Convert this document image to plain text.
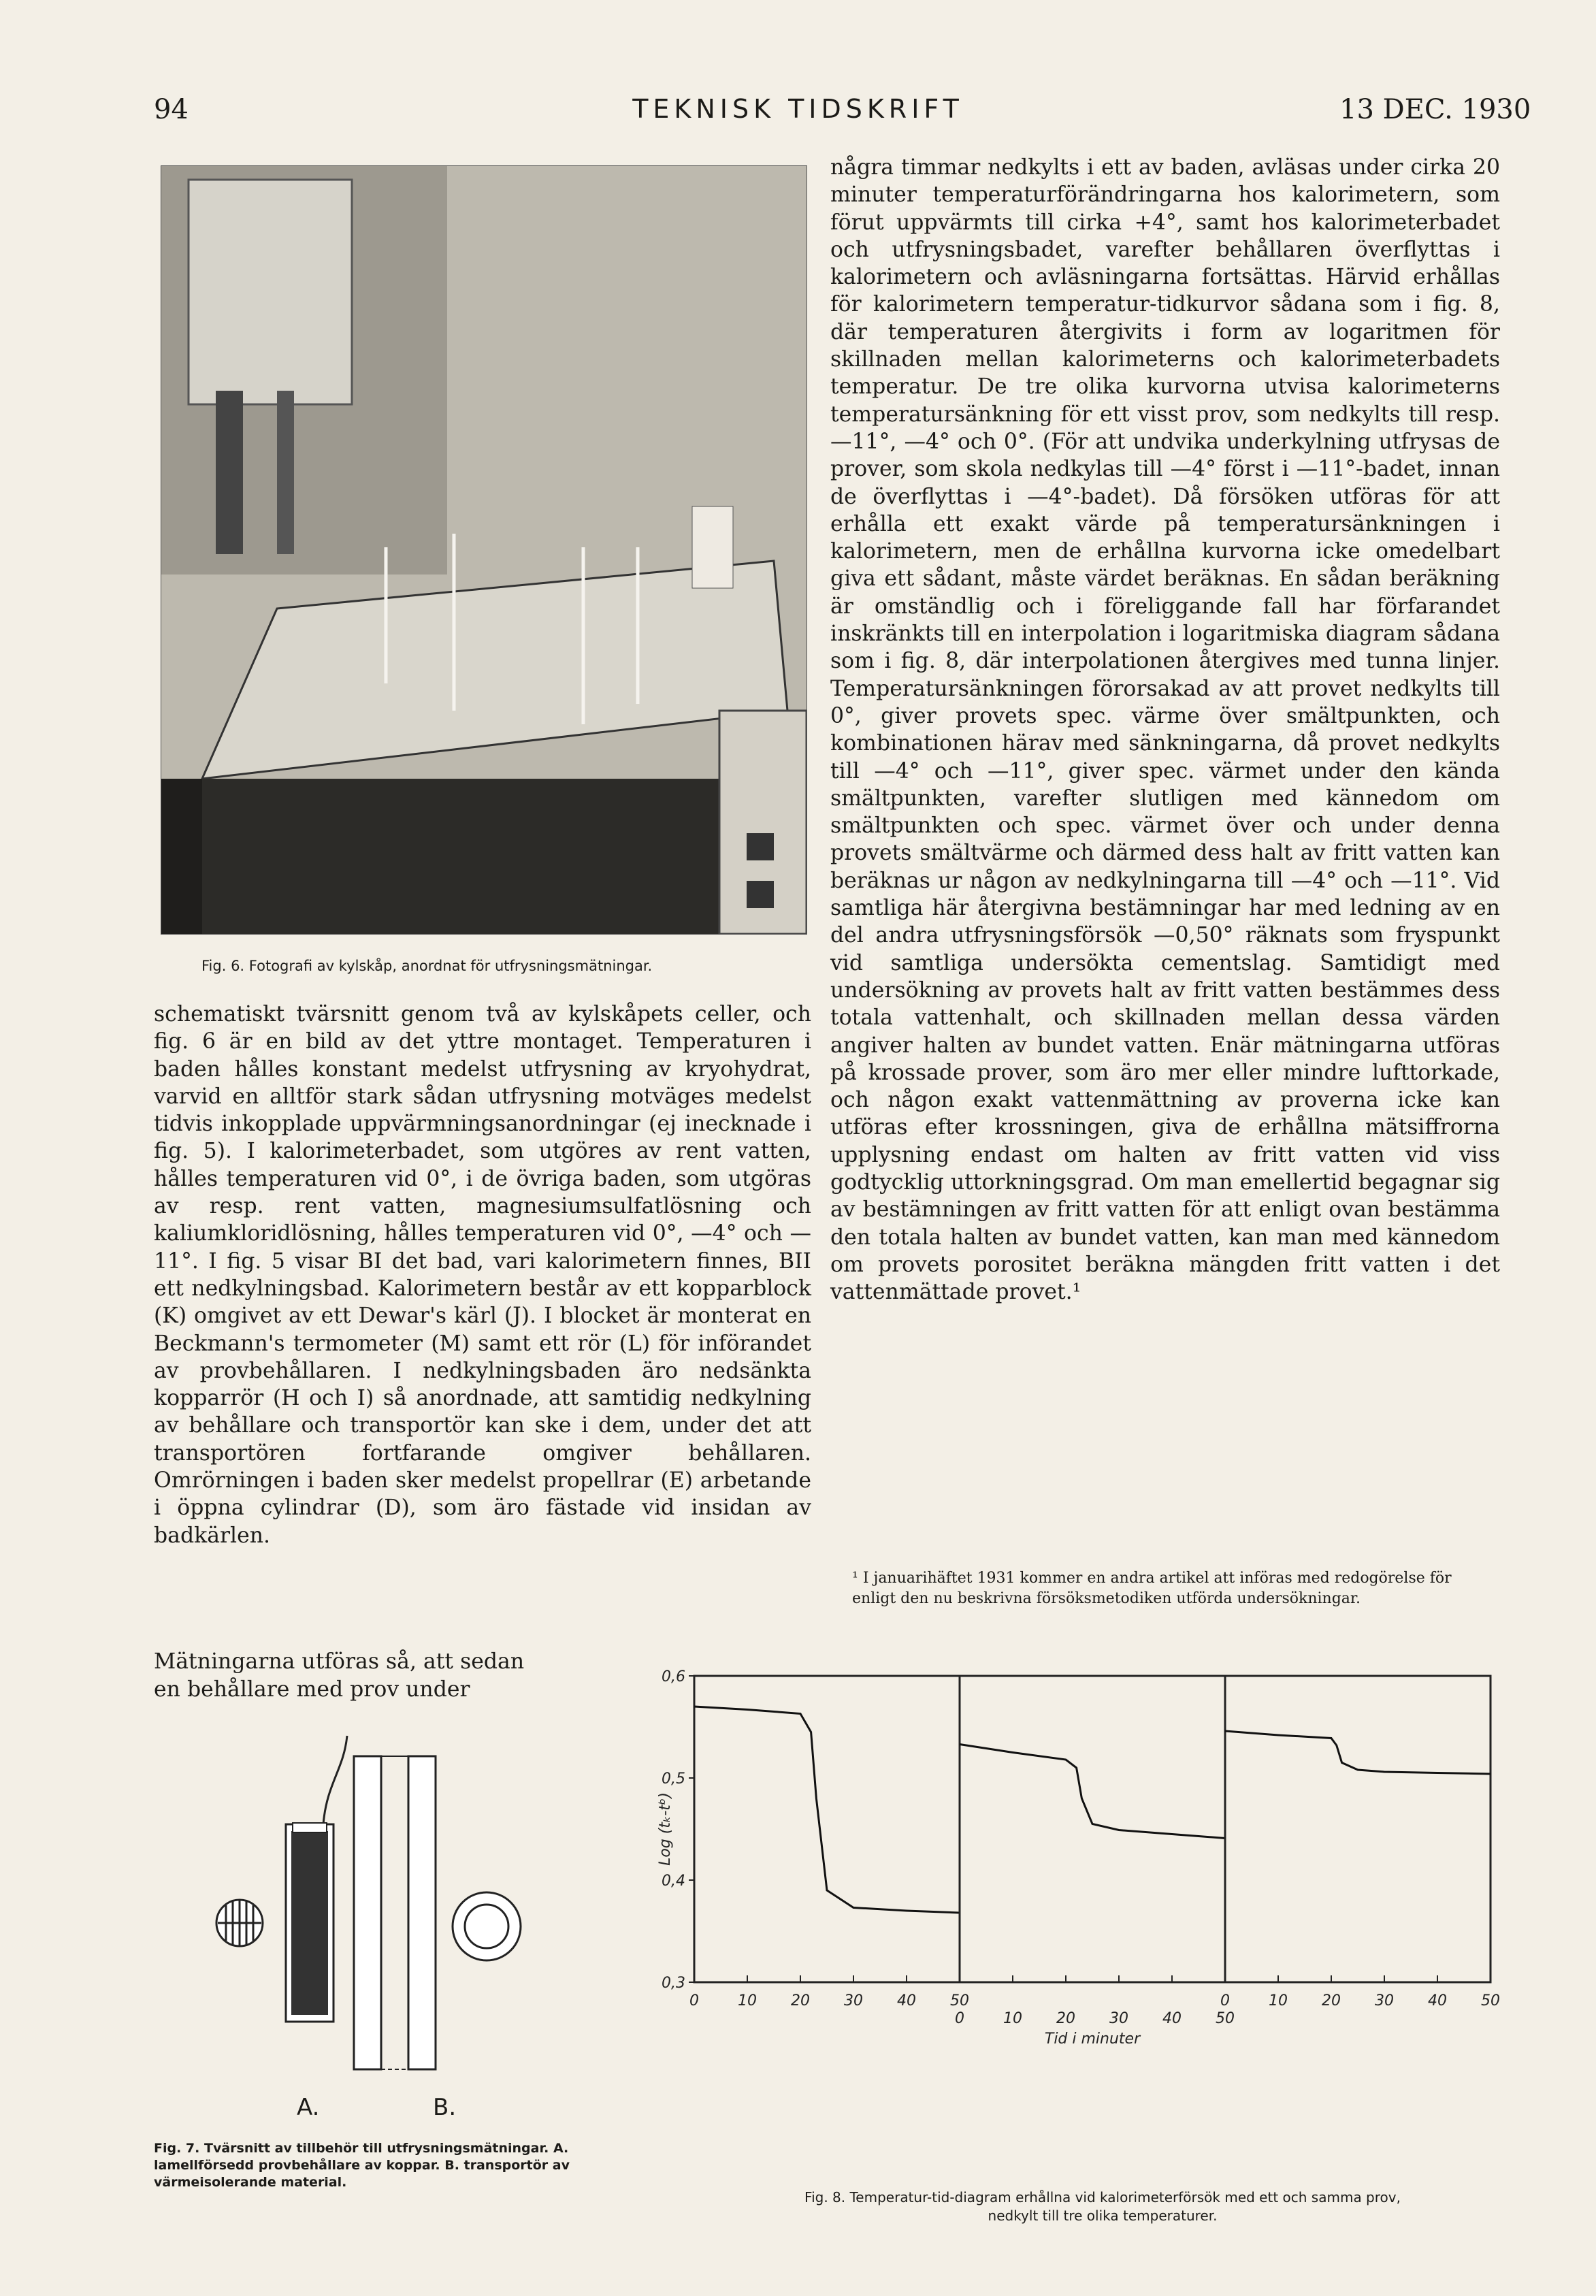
94	TEKNISK TIDSKRIFT	13 DEC. 1930
Fig. 6. Fotografi av kylskåp, anordnat för utfrysningsmätningar.

schematiskt tvärsnitt genom två av kylskåpets celler, och fig. 6 är en bild av det yttre montaget. Temperaturen i baden hålles konstant medelst utfrysning av kryohydrat, varvid en alltför stark sådan utfrysning motväges medelst tidvis inkopplade uppvärmningsanordningar (ej inecknade i fig. 5). I kalorimeterbadet, som utgöres av rent vatten, hålles temperaturen vid 0°, i de övriga baden, som utgöras av resp. rent vatten, magnesiumsulfatlösning och kaliumkloridlösning, hålles temperaturen vid 0°, —4° och —11°. I fig. 5 visar BI det bad, vari kalorimetern finnes, BII ett nedkylningsbad. Kalorimetern består av ett kopparblock (K) omgivet av ett Dewar's kärl (J). I blocket är monterat en Beckmann's termometer (M) samt ett rör (L) för införandet av provbehållaren. I nedkylningsbaden äro nedsänkta kopparrör (H och I) så anordnade, att samtidig nedkylning av behållare och transportör kan ske i dem, under det att transportören fortfarande omgiver behållaren. Omrörningen i baden sker medelst propellrar (E) arbetande i öppna cylindrar (D), som äro fästade vid insidan av badkärlen.

Mätningarna utföras så, att sedan
en behållare med prov under

några timmar nedkylts i ett av baden, avläsas under cirka 20 minuter temperaturförändringarna hos kalorimetern, som förut uppvärmts till cirka +4°, samt hos kalorimeterbadet och utfrysningsbadet, varefter behållaren överflyttas i kalorimetern och avläsningarna fortsättas. Härvid erhållas för kalorimetern temperatur-tidkurvor sådana som i fig. 8, där temperaturen återgivits i form av logaritmen för skillnaden mellan kalorimeterns och kalorimeterbadets temperatur. De tre olika kurvorna utvisa kalorimeterns temperatursänkning för ett visst prov, som nedkylts till resp. —11°, —4° och 0°. (För att undvika underkylning utfrysas de prover, som skola nedkylas till —4° först i —11°-badet, innan de överflyttas i —4°-badet). Då försöken utföras för att erhålla ett exakt värde på temperatursänkningen i kalorimetern, men de erhållna kurvorna icke omedelbart giva ett sådant, måste värdet beräknas. En sådan beräkning är omständlig och i föreliggande fall har förfarandet inskränkts till en interpolation i logaritmiska diagram sådana som i fig. 8, där interpolationen återgives med tunna linjer. Temperatursänkningen förorsakad av att provet nedkylts till 0°, giver provets spec. värme över smältpunkten, och kombinationen härav med sänkningarna, då provet nedkylts till —4° och —11°, giver spec. värmet under den kända smältpunkten, varefter slutligen med kännedom om smältpunkten och spec. värmet över och under denna provets smältvärme och därmed dess halt av fritt vatten kan beräknas ur någon av nedkylningarna till —4° och —11°. Vid samtliga här återgivna bestämningar har med ledning av en del andra utfrysningsförsök —0,50° räknats som fryspunkt vid samtliga undersökta cementslag. Samtidigt med undersökning av provets halt av fritt vatten bestämmes dess totala vattenhalt, och skillnaden mellan dessa värden angiver halten av bundet vatten. Enär mätningarna utföras på krossade prover, som äro mer eller mindre lufttorkade, och någon exakt vattenmättning av proverna icke kan utföras efter krossningen, giva de erhållna mätsiffrorna upplysning endast om halten av fritt vatten vid viss godtycklig uttorkningsgrad. Om man emellertid begagnar sig av bestämningen av fritt vatten för att enligt ovan bestämma den totala halten av bundet vatten, kan man med kännedom om provets porositet beräkna mängden fritt vatten i det vattenmättade provet.¹

¹ I januarihäftet 1931 kommer en andra artikel att införas med redogörelse för enligt den nu beskrivna försöksmetodiken utförda undersökningar.
A.	B.
Fig. 7. Tvärsnitt av tillbehör till utfrysningsmätningar. A. lamellförsedd provbehållare av koppar. B. transportör av värmeisolerande material.
0,6
0,5
0,4
0,3
Log (tₖ-tᵇ)
0	10 20 30 40 50
0	10 20 30 40 50
0	10 20 30 40 50
Tid i minuter
Fig. 8. Temperatur-tid-diagram erhållna vid kalorimeterförsök med ett och samma prov,
nedkylt till tre olika temperaturer.
